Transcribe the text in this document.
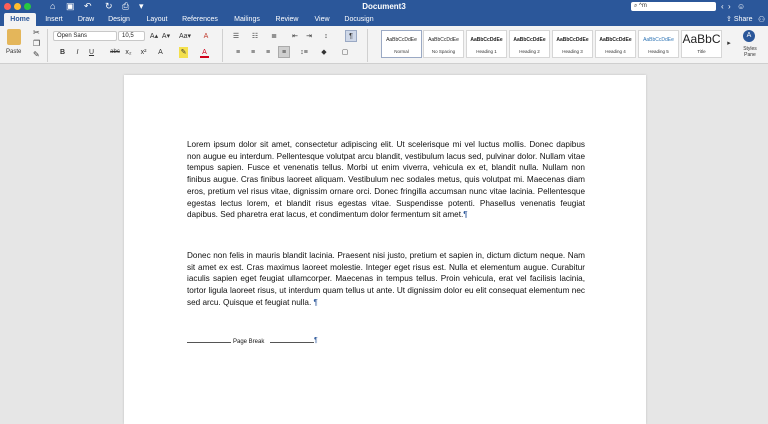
⌂ ▣ ↶ ↻ ⎙ ▾	Document3	⌕ ^m	‹ › ☺
Home	Insert	Draw	Design	Layout	References	Mailings	Review	View	Docusign	⇪ Share ⚇
Paste
✂
❐
✎
Open Sans	10,5	A▴ A▾ Aa▾	A
B	I	U	abc x₂ x²	A	✎	A
☰	☷	≣	⇤ ⇥	↕	¶
≡	≡	≡	≡	↕≡	◆	▢
AaBbCcDdEe
Normal
AaBbCcDdEe
No Spacing
AaBbCcDdEe
Heading 1
AaBbCcDdEe
Heading 2
AaBbCcDdEe
Heading 3
AaBbCcDdEe
Heading 4
AaBbCcDdEe
Heading 5
AaBbC
Title
▸
A
Styles Pane
Lorem ipsum dolor sit amet, consectetur adipiscing elit. Ut scelerisque mi vel luctus mollis. Donec dapibus non augue eu interdum. Pellentesque volutpat arcu blandit, vestibulum lacus sed, pulvinar dolor. Nullam vitae tempus sapien. Fusce et venenatis tellus. Morbi ut enim viverra, vehicula ex et, blandit nulla. Nullam non finibus augue. Cras finibus laoreet aliquam. Vestibulum nec sodales metus, quis volutpat mi. Maecenas diam eros, pretium vel risus vitae, dignissim ornare orci. Donec fringilla accumsan nunc vitae lacinia. Pellentesque egestas lectus lorem, et blandit risus egestas vitae. Suspendisse potenti. Phasellus venenatis feugiat dapibus. Sed pharetra erat lacus, et condimentum dolor fermentum sit amet.¶
Donec non felis in mauris blandit lacinia. Praesent nisi justo, pretium et sapien in, dictum dictum neque. Nam sit amet ex est. Cras maximus laoreet molestie. Integer eget risus est. Nulla et elementum augue. Curabitur iaculis sapien eget feugiat ullamcorper. Maecenas in tempus tellus. Proin vehicula, erat vel facilisis lacinia, tortor ligula laoreet risus, ut interdum quam tellus ut ante. Ut dignissim dolor eu elit consequat elementum nec sed arcu. Quisque et feugiat nulla. ¶
Page Break	¶
